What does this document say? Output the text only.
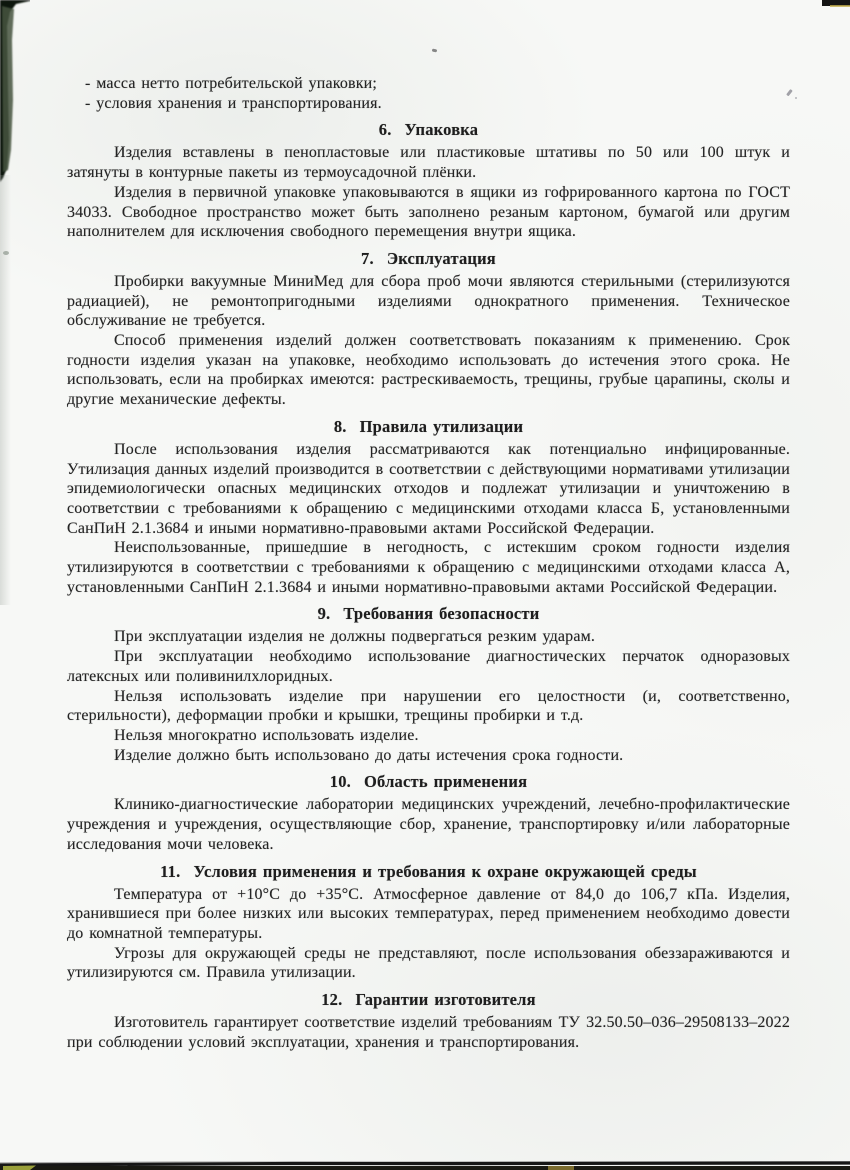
- масса нетто потребительской упаковки;
- условия хранения и транспортирования.
6. Упаковка

Изделия вставлены в пенопластовые или пластиковые штативы по 50 или 100 штук и затянуты в контурные пакеты из термоусадочной плёнки.

Изделия в первичной упаковке упаковываются в ящики из гофрированного картона по ГОСТ 34033. Свободное пространство может быть заполнено резаным картоном, бумагой или другим наполнителем для исключения свободного перемещения внутри ящика.

7. Эксплуатация

Пробирки вакуумные МиниМед для сбора проб мочи являются стерильными (стерилизуются радиацией), не ремонтопригодными изделиями однократного применения. Техническое обслуживание не требуется.

Способ применения изделий должен соответствовать показаниям к применению. Срок годности изделия указан на упаковке, необходимо использовать до истечения этого срока. Не использовать, если на пробирках имеются: растрескиваемость, трещины, грубые царапины, сколы и другие механические дефекты.

8. Правила утилизации

После использования изделия рассматриваются как потенциально инфицированные. Утилизация данных изделий производится в соответствии с действующими нормативами утилизации эпидемиологически опасных медицинских отходов и подлежат утилизации и уничтожению в соответствии с требованиями к обращению с медицинскими отходами класса Б, установленными СанПиН 2.1.3684 и иными нормативно-правовыми актами Российской Федерации.

Неиспользованные, пришедшие в негодность, с истекшим сроком годности изделия утилизируются в соответствии с требованиями к обращению с медицинскими отходами класса А, установленными СанПиН 2.1.3684 и иными нормативно-правовыми актами Российской Федерации.

9. Требования безопасности

При эксплуатации изделия не должны подвергаться резким ударам.

При эксплуатации необходимо использование диагностических перчаток одноразовых латексных или поливинилхлоридных.

Нельзя использовать изделие при нарушении его целостности (и, соответственно, стерильности), деформации пробки и крышки, трещины пробирки и т.д.

Нельзя многократно использовать изделие.

Изделие должно быть использовано до даты истечения срока годности.

10. Область применения

Клинико-диагностические лаборатории медицинских учреждений, лечебно-профилактические учреждения и учреждения, осуществляющие сбор, хранение, транспортировку и/или лабораторные исследования мочи человека.

11. Условия применения и требования к охране окружающей среды

Температура от +10°С до +35°С. Атмосферное давление от 84,0 до 106,7 кПа. Изделия, хранившиеся при более низких или высоких температурах, перед применением необходимо довести до комнатной температуры.

Угрозы для окружающей среды не представляют, после использования обеззараживаются и утилизируются см. Правила утилизации.

12. Гарантии изготовителя

Изготовитель гарантирует соответствие изделий требованиям ТУ 32.50.50–036–29508133–2022 при соблюдении условий эксплуатации, хранения и транспортирования.
